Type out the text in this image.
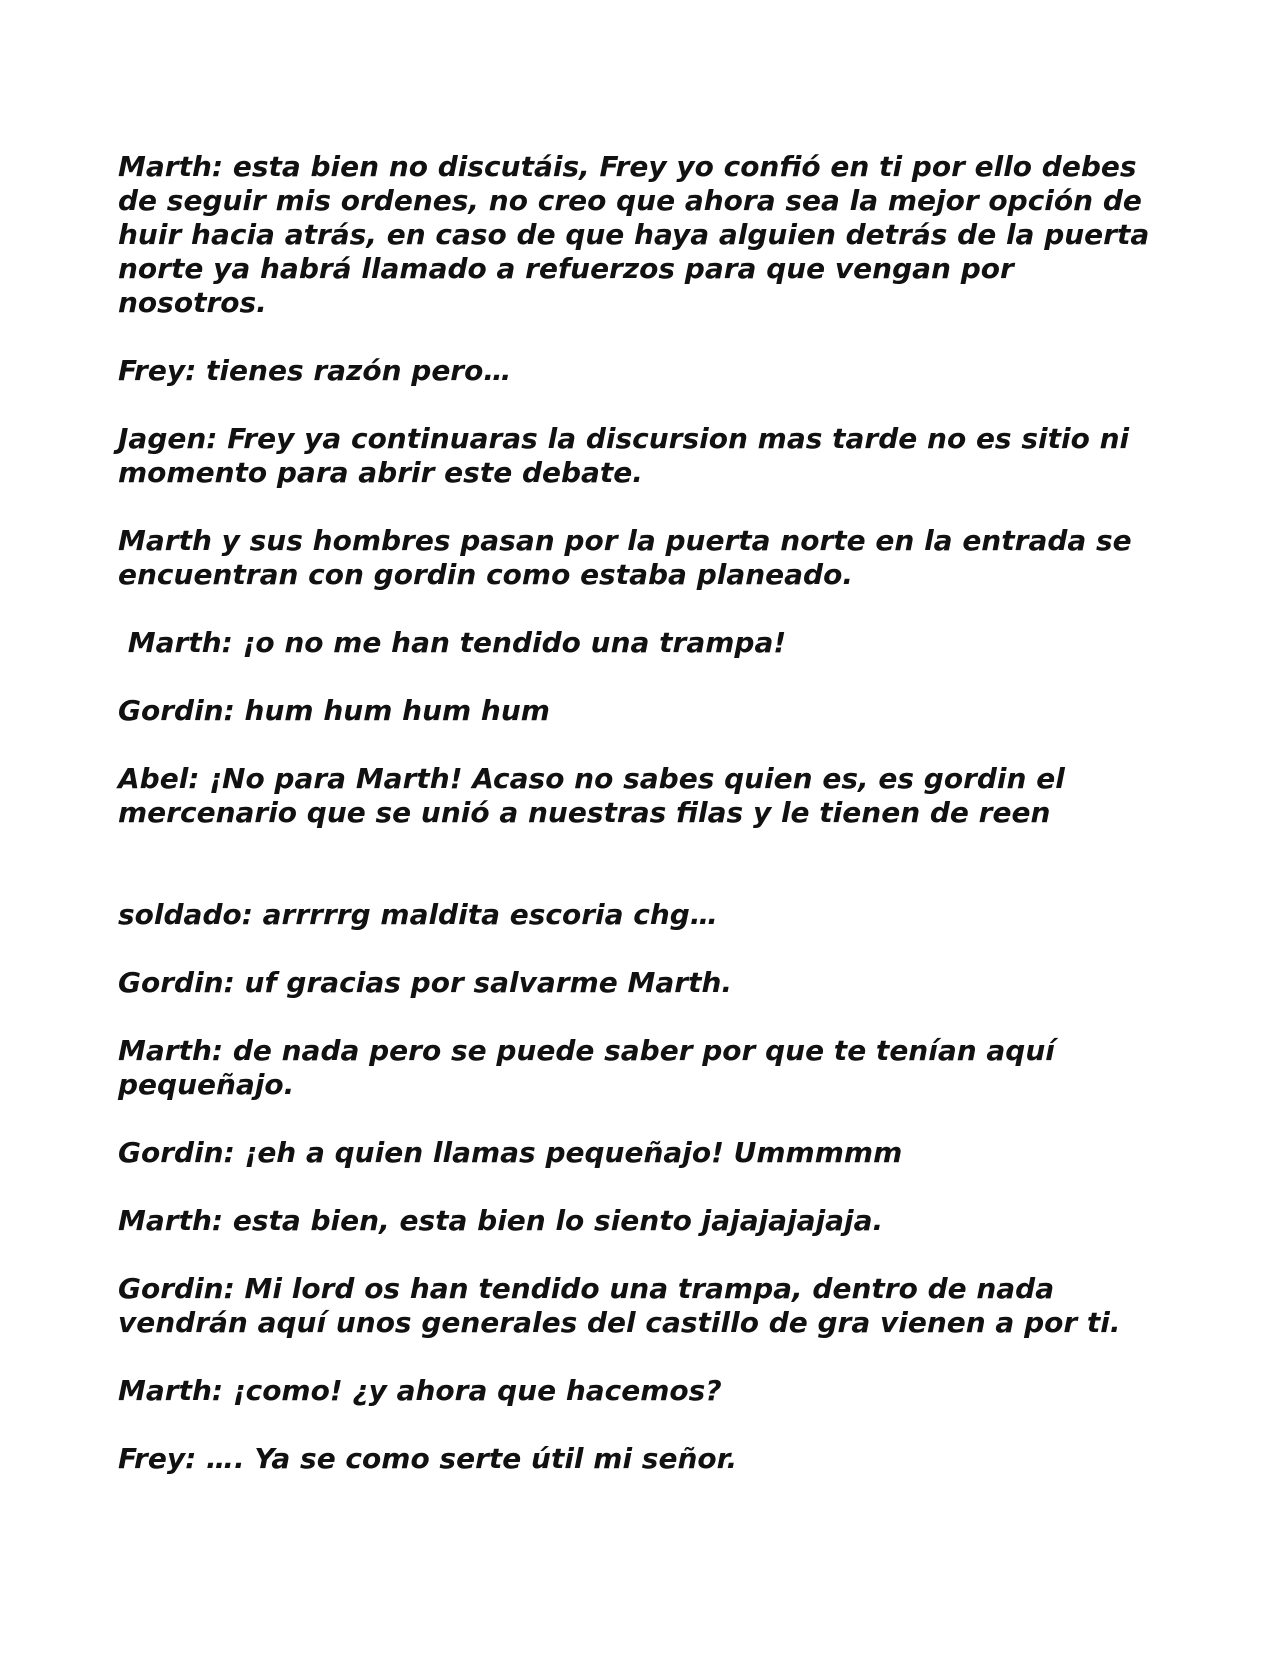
Marth: esta bien no discutáis, Frey yo confió en ti por ello debes de seguir mis ordenes, no creo que ahora sea la mejor opción de huir hacia atrás, en caso de que haya alguien detrás de la puerta norte ya habrá llamado a refuerzos para que vengan por nosotros.

Frey: tienes razón pero…

Jagen: Frey ya continuaras la discursion mas tarde no es sitio ni momento para abrir este debate.

Marth y sus hombres pasan por la puerta norte en la entrada se encuentran con gordin como estaba planeado.

Marth: ¡o no me han tendido una trampa!

Gordin: hum hum hum hum

Abel: ¡No para Marth! Acaso no sabes quien es, es gordin el mercenario que se unió a nuestras filas y le tienen de reen

soldado: arrrrrg maldita escoria chg…

Gordin: uf gracias por salvarme Marth.

Marth: de nada pero se puede saber por que te tenían aquí pequeñajo.

Gordin: ¡eh a quien llamas pequeñajo! Ummmmm

Marth: esta bien, esta bien lo siento jajajajajaja.

Gordin: Mi lord os han tendido una trampa, dentro de nada vendrán aquí unos generales del castillo de gra vienen a por ti.

Marth: ¡como! ¿y ahora que hacemos?

Frey: …. Ya se como serte útil mi señor.
